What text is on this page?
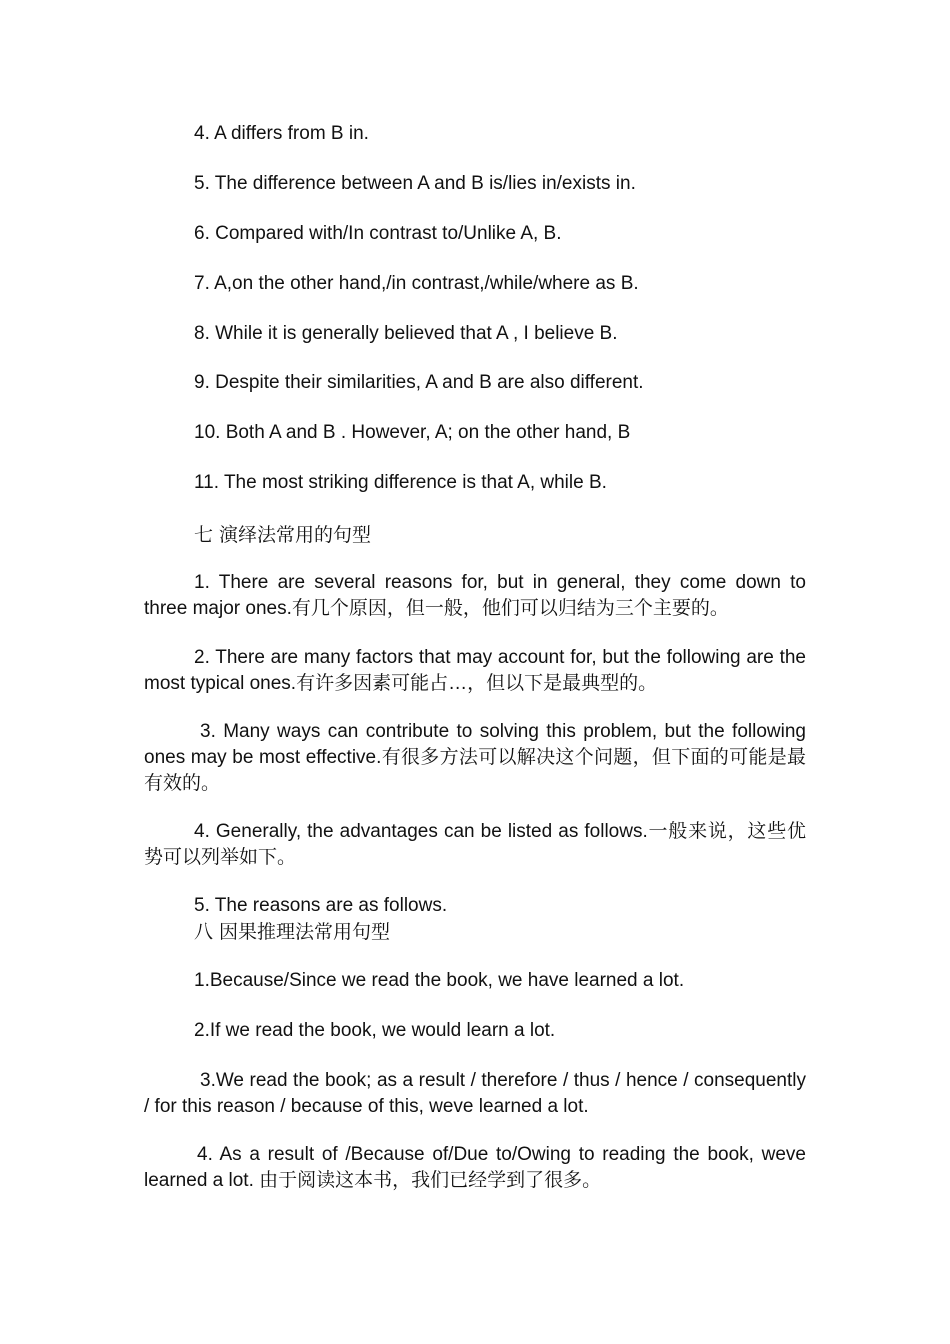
4. A differs from B in.
5. The difference between A and B is/lies in/exists in.
6. Compared with/In contrast to/Unlike A, B.
7. A,on the other hand,/in contrast,/while/where as B.
8. While it is generally believed that A , I believe B.
9. Despite their similarities, A and B are also different.
10. Both A and B . However, A; on the other hand, B
11. The most striking difference is that A, while B.
七 演绎法常用的句型
1. There are several reasons for, but in general, they come down to three major ones.有几个原因，但一般，他们可以归结为三个主要的。
2. There are many factors that may account for, but the following are the most typical ones.有许多因素可能占…，但以下是最典型的。
3. Many ways can contribute to solving this problem, but the following ones may be most effective.有很多方法可以解决这个问题，但下面的可能是最有效的。
4. Generally, the advantages can be listed as follows.一般来说，这些优势可以列举如下。
5. The reasons are as follows.
八 因果推理法常用句型
1.Because/Since we read the book, we have learned a lot.
2.If we read the book, we would learn a lot.
3.We read the book; as a result / therefore / thus / hence / consequently / for this reason / because of this, weve learned a lot.
4. As a result of /Because of/Due to/Owing to reading the book, weve learned a lot. 由于阅读这本书，我们已经学到了很多。
